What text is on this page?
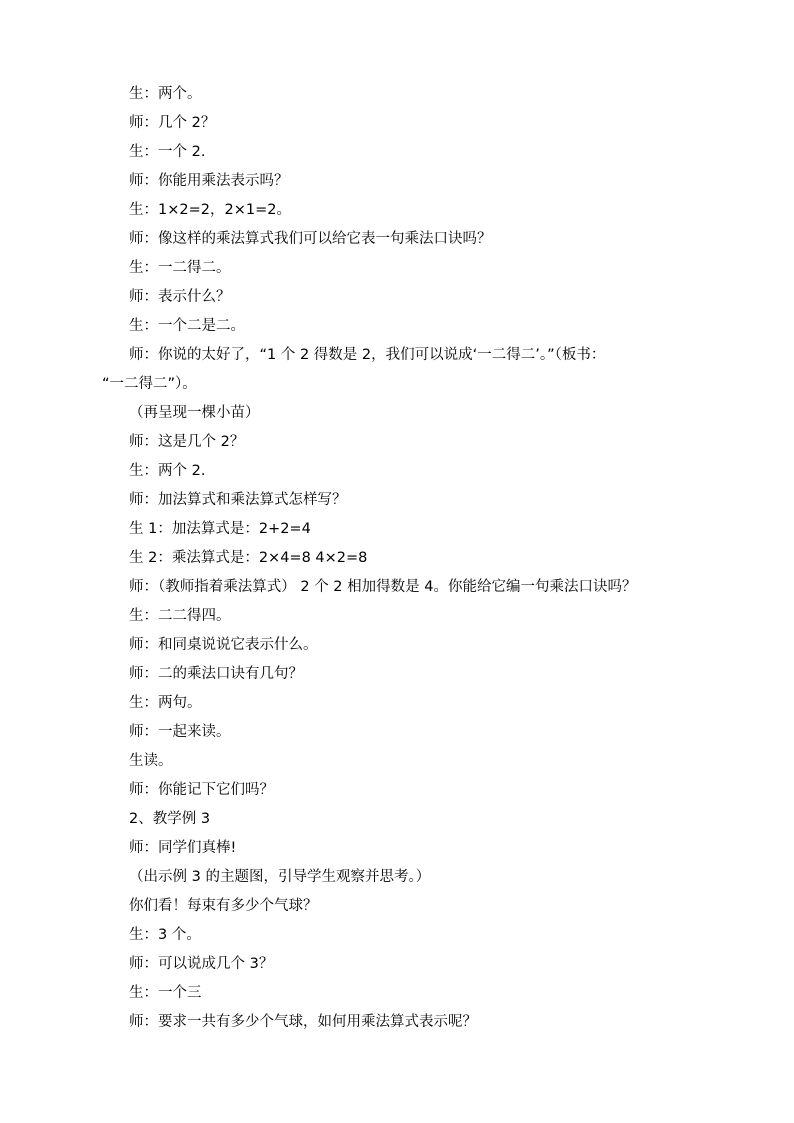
生：两个。
师：几个 2？
生：一个 2.
师：你能用乘法表示吗？
生：1×2=2，2×1=2。
师：像这样的乘法算式我们可以给它表一句乘法口诀吗？
生：一二得二。
师：表示什么？
生：一个二是二。
师：你说的太好了，“1 个 2 得数是 2，我们可以说成‘一二得二’。”（板书：
“一二得二”）。
（再呈现一棵小苗）
师：这是几个 2？
生：两个 2.
师：加法算式和乘法算式怎样写？
生 1：加法算式是：2+2=4
生 2：乘法算式是：2×4=8 4×2=8
师：（教师指着乘法算式） 2 个 2 相加得数是 4。你能给它编一句乘法口诀吗？
生：二二得四。
师：和同桌说说它表示什么。
师：二的乘法口诀有几句？
生：两句。
师：一起来读。
生读。
师：你能记下它们吗？
2、教学例 3
师：同学们真棒!
（出示例 3 的主题图，引导学生观察并思考。）
你们看！每束有多少个气球？
生：3 个。
师：可以说成几个 3？
生：一个三
师：要求一共有多少个气球，如何用乘法算式表示呢？
